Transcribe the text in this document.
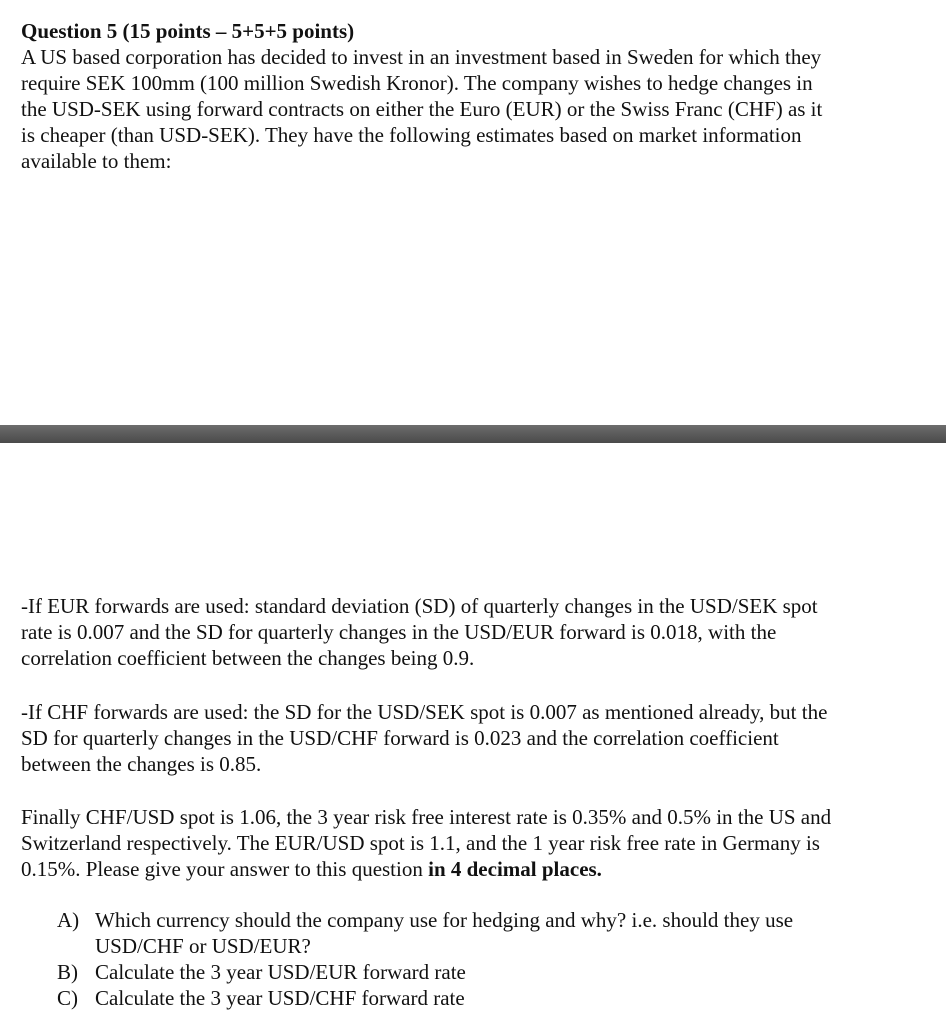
Question 5 (15 points – 5+5+5 points)
A US based corporation has decided to invest in an investment based in Sweden for which they
require SEK 100mm (100 million Swedish Kronor). The company wishes to hedge changes in
the USD-SEK using forward contracts on either the Euro (EUR) or the Swiss Franc (CHF) as it
is cheaper (than USD-SEK). They have the following estimates based on market information
available to them:
-If EUR forwards are used: standard deviation (SD) of quarterly changes in the USD/SEK spot
rate is 0.007 and the SD for quarterly changes in the USD/EUR forward is 0.018, with the
correlation coefficient between the changes being 0.9.
-If CHF forwards are used: the SD for the USD/SEK spot is 0.007 as mentioned already, but the
SD for quarterly changes in the USD/CHF forward is 0.023 and the correlation coefficient
between the changes is 0.85.
Finally CHF/USD spot is 1.06, the 3 year risk free interest rate is 0.35% and 0.5% in the US and
Switzerland respectively. The EUR/USD spot is 1.1, and the 1 year risk free rate in Germany is
0.15%. Please give your answer to this question in 4 decimal places.
A) Which currency should the company use for hedging and why? i.e. should they use
USD/CHF or USD/EUR?
B) Calculate the 3 year USD/EUR forward rate
C) Calculate the 3 year USD/CHF forward rate
